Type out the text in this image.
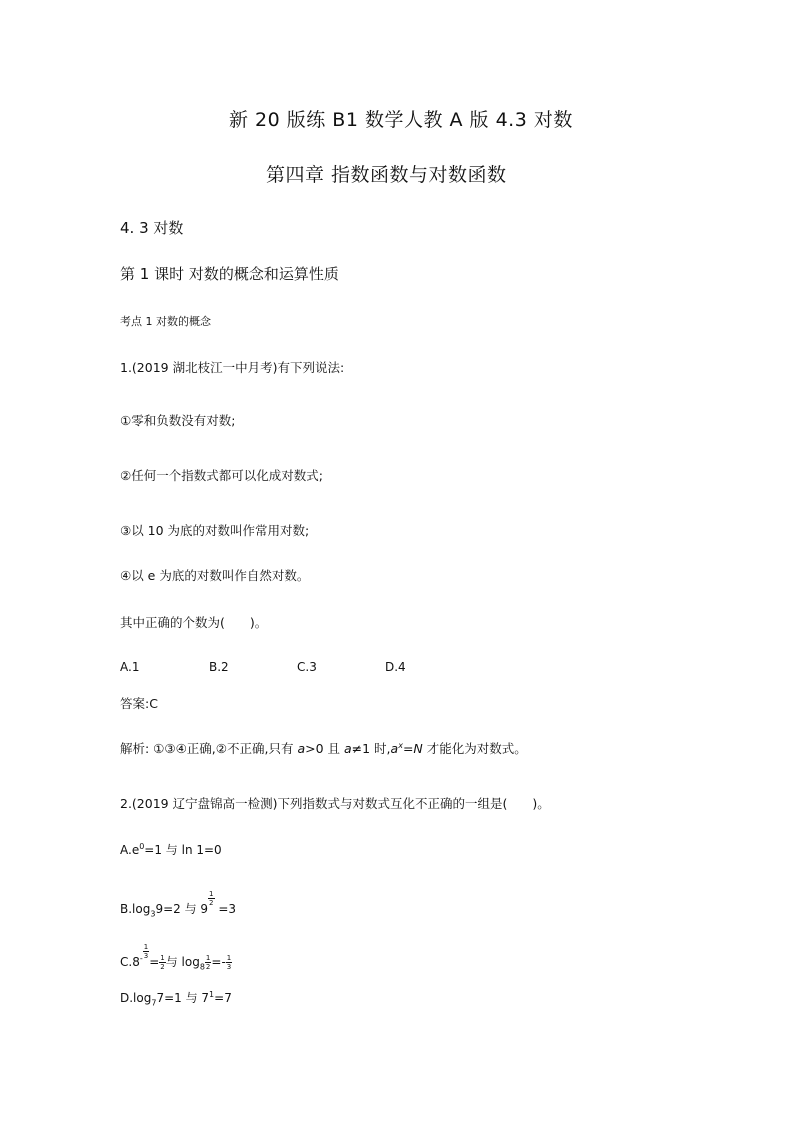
新 20 版练 B1 数学人教 A 版 4.3 对数
第四章 指数函数与对数函数
4. 3 对数
第 1 课时 对数的概念和运算性质
考点 1 对数的概念
1.(2019 湖北枝江一中月考)有下列说法:
①零和负数没有对数;
②任何一个指数式都可以化成对数式;
③以 10 为底的对数叫作常用对数;
④以 e 为底的对数叫作自然对数。
其中正确的个数为(　　)。
A.1	B.2	C.3	D.4
答案:C
解析: ①③④正确,②不正确,只有 a>0 且 a≠1 时$,a^x=N$ 才能化为对数式。
2.(2019 辽宁盘锦高一检测)下列指数式与对数式互化不正确的一组是(　　)。
$A.e^0=1$ 与 ln 1=0
$B.\log_39=2$ 与 9
$\frac{1}{2}$
=3
$C.8^- \frac{1}{3}$
= $\frac{1}{2}$ 与 $\log_8 \frac{1}{2} =- \frac{1}{3}$
$D.\log_77=1$ 与 $7^1=7$
